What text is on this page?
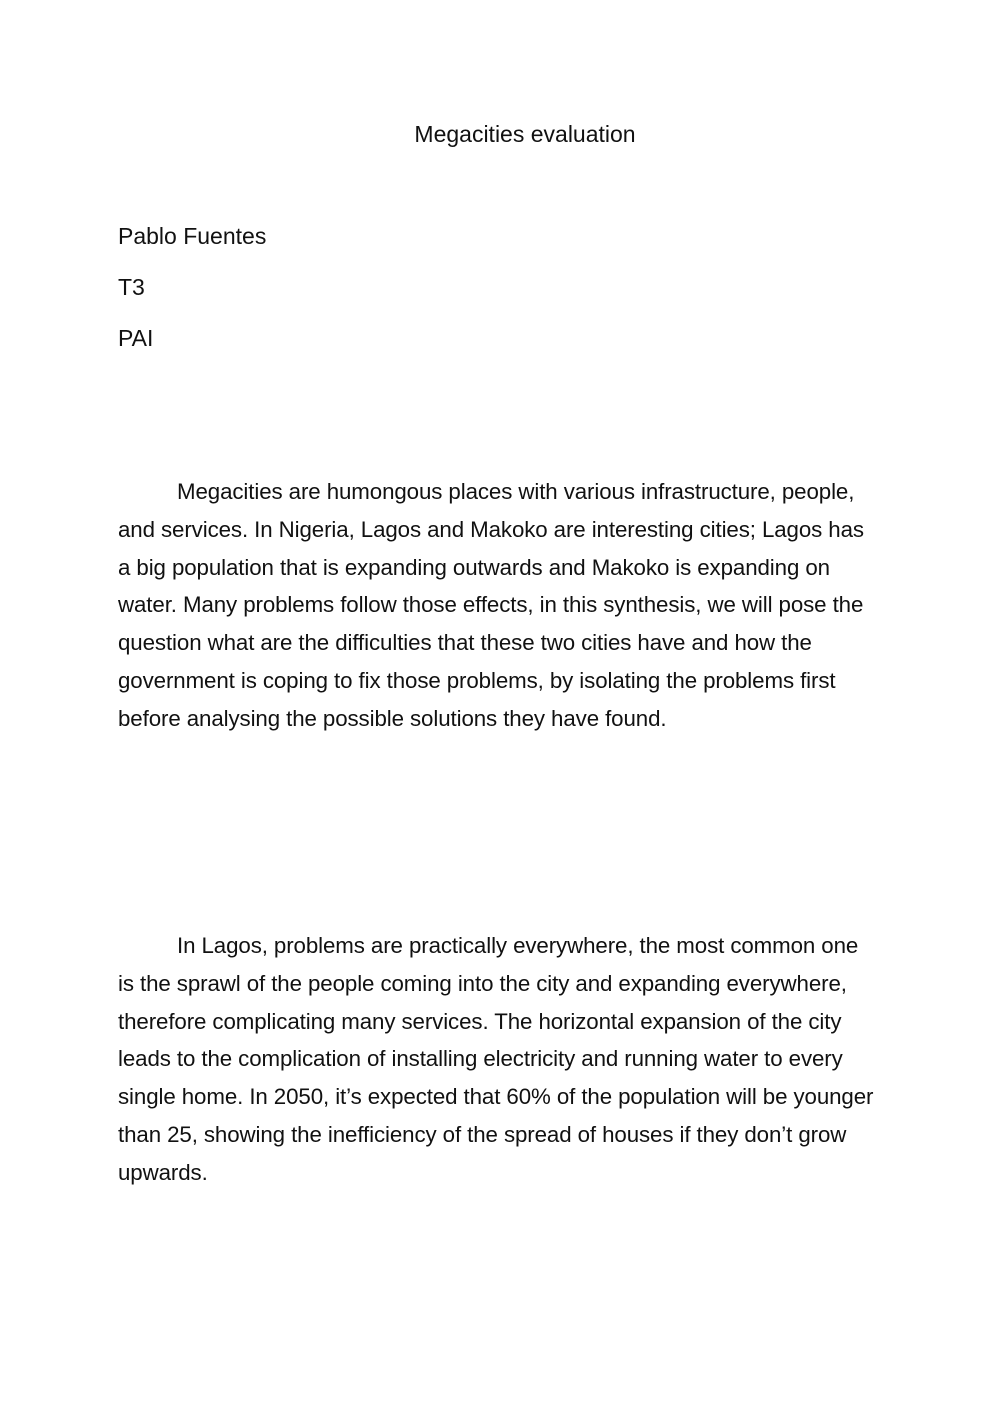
Megacities evaluation

Pablo Fuentes

T3

PAI

Megacities are humongous places with various infrastructure, people, and services. In Nigeria, Lagos and Makoko are interesting cities; Lagos has a big population that is expanding outwards and Makoko is expanding on water. Many problems follow those effects, in this synthesis, we will pose the question what are the difficulties that these two cities have and how the government is coping to fix those problems, by isolating the problems first before analysing the possible solutions they have found.

In Lagos, problems are practically everywhere, the most common one is the sprawl of the people coming into the city and expanding everywhere, therefore complicating many services. The horizontal expansion of the city leads to the complication of installing electricity and running water to every single home. In 2050, it’s expected that 60% of the population will be younger than 25, showing the inefficiency of the spread of houses if they don’t grow upwards.
